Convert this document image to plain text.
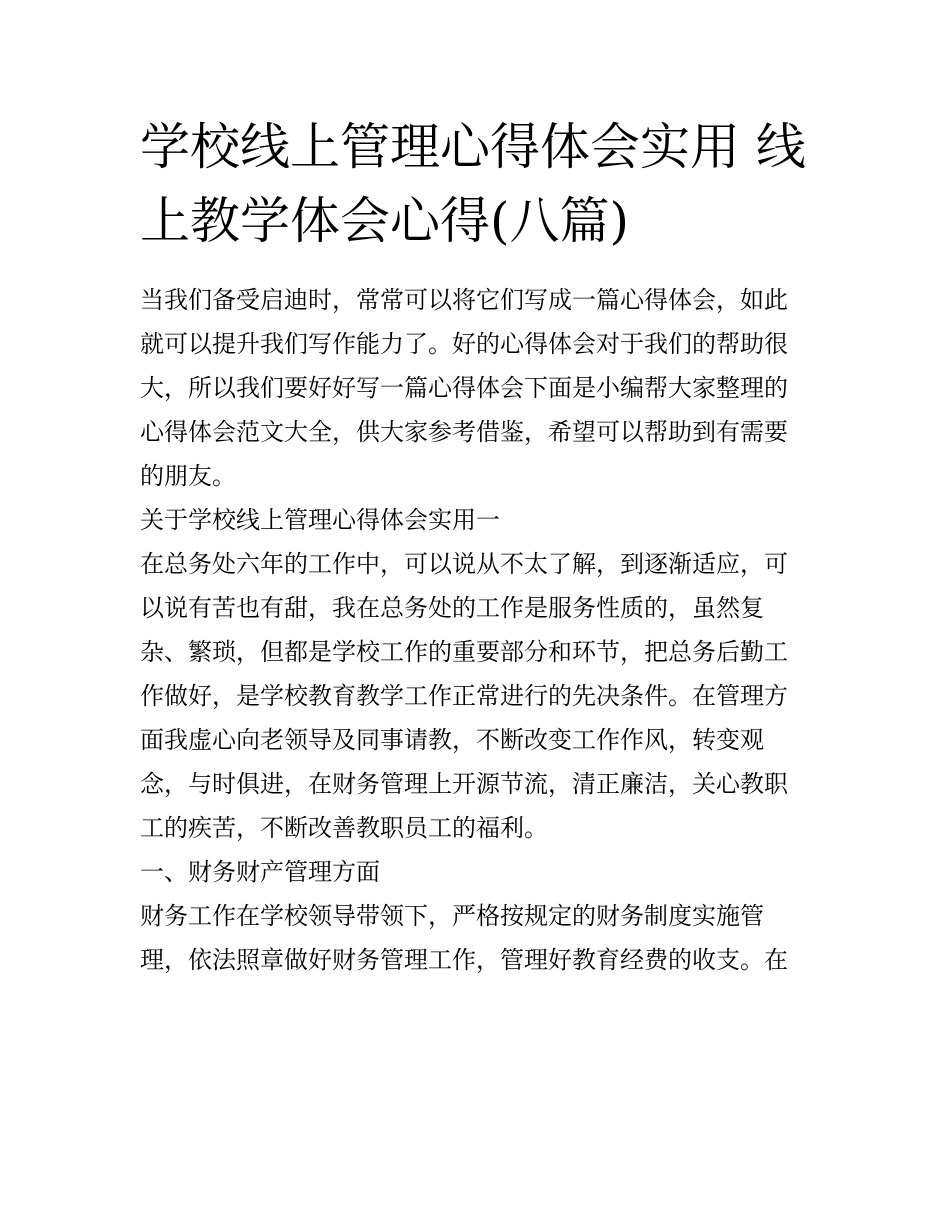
学校线上管理心得体会实用 线上教学体会心得(八篇)

当我们备受启迪时，常常可以将它们写成一篇心得体会，如此

就可以提升我们写作能力了。好的心得体会对于我们的帮助很

大，所以我们要好好写一篇心得体会下面是小编帮大家整理的

心得体会范文大全，供大家参考借鉴，希望可以帮助到有需要

的朋友。

关于学校线上管理心得体会实用一

在总务处六年的工作中，可以说从不太了解，到逐渐适应，可

以说有苦也有甜，我在总务处的工作是服务性质的，虽然复

杂、繁琐，但都是学校工作的重要部分和环节，把总务后勤工

作做好，是学校教育教学工作正常进行的先决条件。在管理方

面我虚心向老领导及同事请教，不断改变工作作风，转变观

念，与时俱进，在财务管理上开源节流，清正廉洁，关心教职

工的疾苦，不断改善教职员工的福利。

一、财务财产管理方面

财务工作在学校领导带领下，严格按规定的财务制度实施管

理，依法照章做好财务管理工作，管理好教育经费的收支。在
